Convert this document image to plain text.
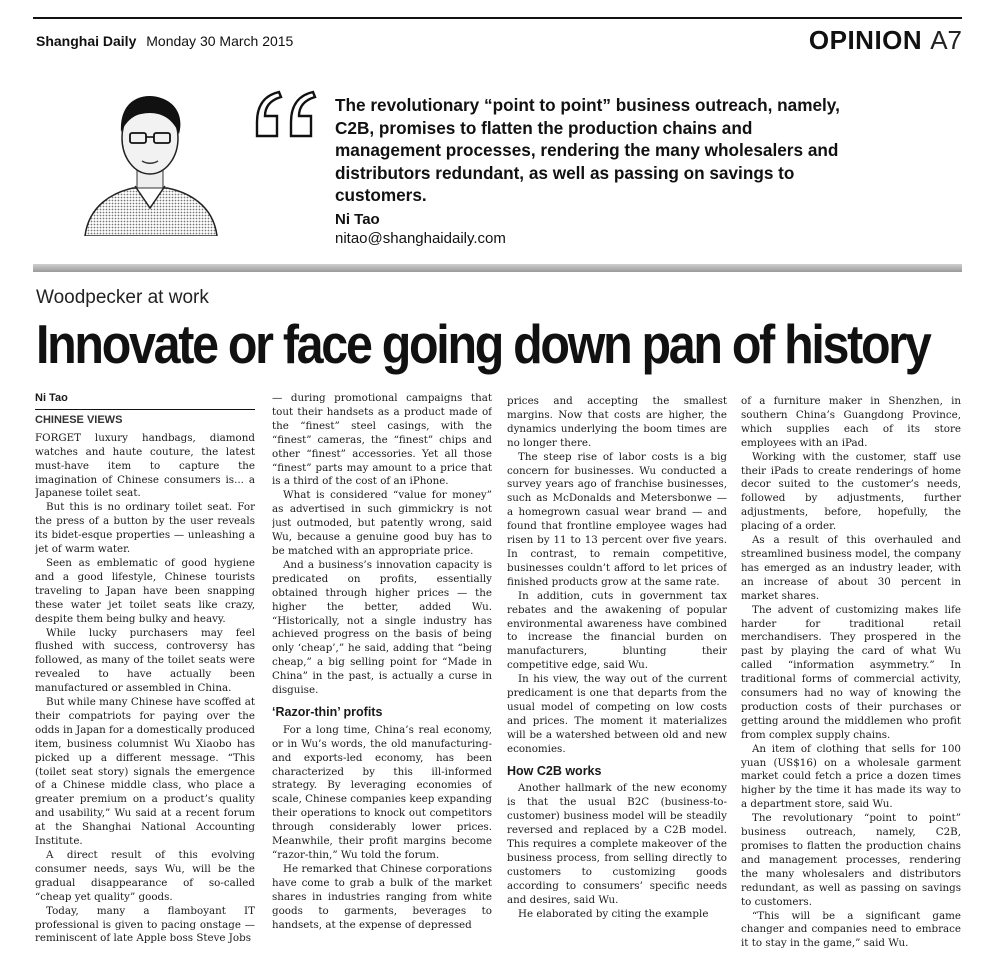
Shanghai Daily Monday 30 March 2015	OPINION A7
The revolutionary “point to point” business outreach, namely, C2B, promises to flatten the production chains and management processes, rendering the many wholesalers and distributors redundant, as well as passing on savings to customers.
Ni Tao
nitao@shanghaidaily.com
Woodpecker at work
Innovate or face going down pan of history
Ni Tao
CHINESE VIEWS

FORGET luxury handbags, diamond watches and haute couture, the latest must-have item to capture the imagination of Chinese consumers is... a Japanese toilet seat.

But this is no ordinary toilet seat. For the press of a button by the user reveals its bidet-esque properties — unleashing a jet of warm water.

Seen as emblematic of good hygiene and a good lifestyle, Chinese tourists traveling to Japan have been snapping these water jet toilet seats like crazy, despite them being bulky and heavy.

While lucky purchasers may feel flushed with success, controversy has followed, as many of the toilet seats were revealed to have actually been manufactured or assembled in China.

But while many Chinese have scoffed at their compatriots for paying over the odds in Japan for a domestically produced item, business columnist Wu Xiaobo has picked up a different message. “This (toilet seat story) signals the emergence of a Chinese middle class, who place a greater premium on a product’s quality and usability,” Wu said at a recent forum at the Shanghai National Accounting Institute.

A direct result of this evolving consumer needs, says Wu, will be the gradual disappearance of so-called “cheap yet quality” goods.

Today, many a flamboyant IT professional is given to pacing onstage — reminiscent of late Apple boss Steve Jobs

— during promotional campaigns that tout their handsets as a product made of the “finest” steel casings, with the “finest” cameras, the “finest” chips and other “finest” accessories. Yet all those “finest” parts may amount to a price that is a third of the cost of an iPhone.

What is considered “value for money” as advertised in such gimmickry is not just outmoded, but patently wrong, said Wu, because a genuine good buy has to be matched with an appropriate price.

And a business’s innovation capacity is predicated on profits, essentially obtained through higher prices — the higher the better, added Wu. “Historically, not a single industry has achieved progress on the basis of being only ‘cheap’,” he said, adding that “being cheap,” a big selling point for “Made in China” in the past, is actually a curse in disguise.

‘Razor-thin’ profits

For a long time, China’s real economy, or in Wu’s words, the old manufacturing- and exports-led economy, has been characterized by this ill-informed strategy. By leveraging economies of scale, Chinese companies keep expanding their operations to knock out competitors through considerably lower prices. Meanwhile, their profit margins become “razor-thin,” Wu told the forum.

He remarked that Chinese corporations have come to grab a bulk of the market shares in industries ranging from white goods to garments, beverages to handsets, at the expense of depressed

prices and accepting the smallest margins. Now that costs are higher, the dynamics underlying the boom times are no longer there.

The steep rise of labor costs is a big concern for businesses. Wu conducted a survey years ago of franchise businesses, such as McDonalds and Metersbonwe — a homegrown casual wear brand — and found that frontline employee wages had risen by 11 to 13 percent over five years. In contrast, to remain competitive, businesses couldn’t afford to let prices of finished products grow at the same rate.

In addition, cuts in government tax rebates and the awakening of popular environmental awareness have combined to increase the financial burden on manufacturers, blunting their competitive edge, said Wu.

In his view, the way out of the current predicament is one that departs from the usual model of competing on low costs and prices. The moment it materializes will be a watershed between old and new economies.

How C2B works

Another hallmark of the new economy is that the usual B2C (business-to-customer) business model will be steadily reversed and replaced by a C2B model. This requires a complete makeover of the business process, from selling directly to customers to customizing goods according to consumers’ specific needs and desires, said Wu.

He elaborated by citing the example

of a furniture maker in Shenzhen, in southern China’s Guangdong Province, which supplies each of its store employees with an iPad.

Working with the customer, staff use their iPads to create renderings of home decor suited to the customer’s needs, followed by adjustments, further adjustments, before, hopefully, the placing of a order.

As a result of this overhauled and streamlined business model, the company has emerged as an industry leader, with an increase of about 30 percent in market shares.

The advent of customizing makes life harder for traditional retail merchandisers. They prospered in the past by playing the card of what Wu called “information asymmetry.” In traditional forms of commercial activity, consumers had no way of knowing the production costs of their purchases or getting around the middlemen who profit from complex supply chains.

An item of clothing that sells for 100 yuan (US$16) on a wholesale garment market could fetch a price a dozen times higher by the time it has made its way to a department store, said Wu.

The revolutionary “point to point” business outreach, namely, C2B, promises to flatten the production chains and management processes, rendering the many wholesalers and distributors redundant, as well as passing on savings to customers.

“This will be a significant game changer and companies need to embrace it to stay in the game,” said Wu.
